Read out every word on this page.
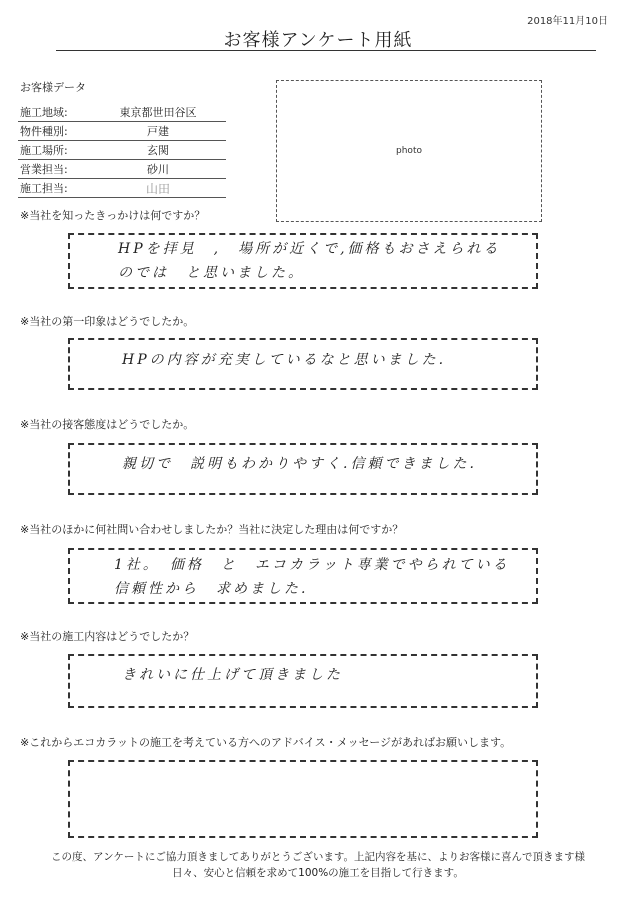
2018年11月10日
お客様アンケート用紙
お客様データ
施工地域:	東京都世田谷区
物件種別:	戸建
施工場所:	玄関
営業担当:	砂川
施工担当:	山田
photo
※当社を知ったきっかけは何ですか？
HPを拝見　,　場所が近くで,価格もおさえられる
のでは　と思いました。
※当社の第一印象はどうでしたか。
HPの内容が充実しているなと思いました.
※当社の接客態度はどうでしたか。
親切で　説明もわかりやすく.信頼できました.
※当社のほかに何社問い合わせしましたか？当社に決定した理由は何ですか？
1社。　価格　と　エコカラット専業でやられている
信頼性から　求めました.
※当社の施工内容はどうでしたか？
きれいに仕上げて頂きました
※これからエコカラットの施工を考えている方へのアドバイス・メッセージがあればお願いします。
この度、アンケートにご協力頂きましてありがとうございます。上記内容を基に、よりお客様に喜んで頂きます様
日々、安心と信頼を求めて100%の施工を目指して行きます。
